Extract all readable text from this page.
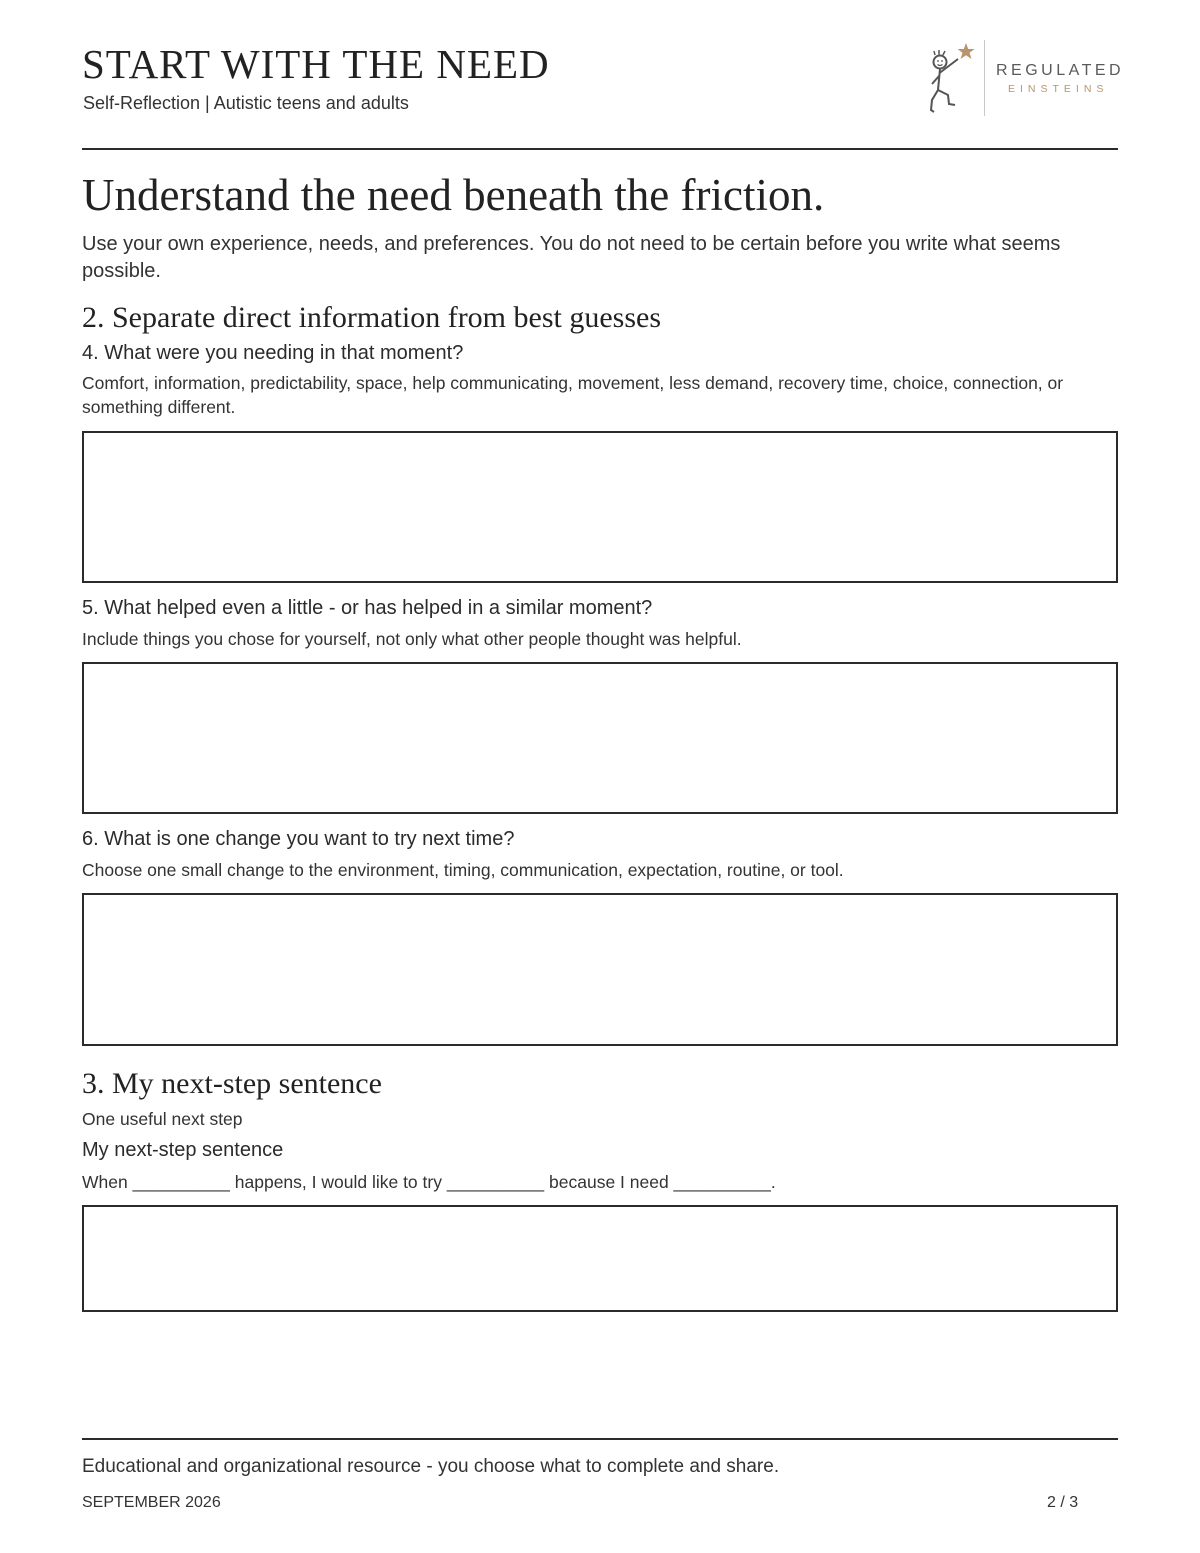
START WITH THE NEED
Self-Reflection | Autistic teens and adults
REGULATED
EINSTEINS
Understand the need beneath the friction.
Use your own experience, needs, and preferences. You do not need to be certain before you write what seems possible.
2. Separate direct information from best guesses
4. What were you needing in that moment?
Comfort, information, predictability, space, help communicating, movement, less demand, recovery time, choice, connection, or something different.
5. What helped even a little - or has helped in a similar moment?
Include things you chose for yourself, not only what other people thought was helpful.
6. What is one change you want to try next time?
Choose one small change to the environment, timing, communication, expectation, routine, or tool.
3. My next-step sentence
One useful next step
My next-step sentence
When __________ happens, I would like to try __________ because I need __________.
Educational and organizational resource - you choose what to complete and share.
SEPTEMBER 2026	2 / 3
